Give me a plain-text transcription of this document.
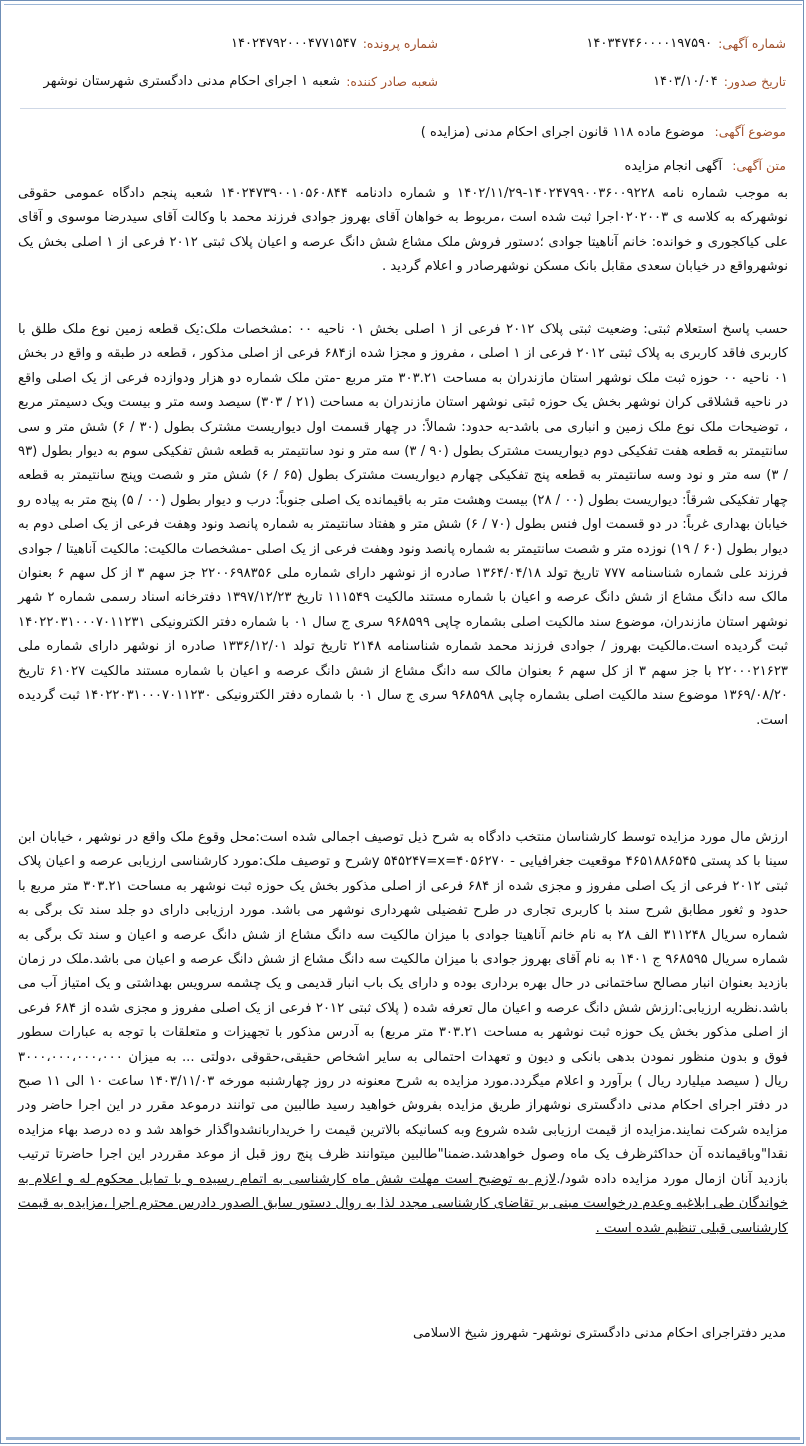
شماره آگهی:
۱۴۰۳۴۷۴۶۰۰۰۰۱۹۷۵۹۰
شماره پرونده:
۱۴۰۲۴۷۹۲۰۰۰۴۷۷۱۵۴۷
تاریخ صدور:
۱۴۰۳/۱۰/۰۴
شعبه صادر کننده:
شعبه ۱ اجرای احکام مدنی دادگستری شهرستان نوشهر
موضوع آگهی: موضوع ماده ۱۱۸ قانون اجرای احکام مدنی (مزایده )
متن آگهی: آگهی انجام مزایده

به موجب شماره نامه ۱۴۰۲۴۷۹۹۰۰۳۶۰۰۹۲۲۸-۱۴۰۲/۱۱/۲۹ و شماره دادنامه ۱۴۰۲۴۷۳۹۰۰۱۰۵۶۰۸۴۴ شعبه پنجم دادگاه عمومی حقوقی نوشهرکه به کلاسه ی ۰۲۰۲۰۰۳اجرا ثبت شده است ،مربوط به خواهان آقای بهروز جوادی فرزند محمد با وکالت آقای سیدرضا موسوی و آقای علی کیاکجوری و خوانده: خانم آناهیتا جوادی ؛دستور فروش ملک مشاع شش دانگ عرصه و اعیان پلاک ثبتی ۲۰۱۲ فرعی از ۱ اصلی بخش یک نوشهرواقع در خیابان سعدی مقابل بانک مسکن نوشهرصادر و اعلام گردید .

حسب پاسخ استعلام ثبتی: وضعیت ثبتی پلاک ۲۰۱۲ فرعی از ۱ اصلی بخش ۰۱ ناحیه ۰۰ :مشخصات ملک:یک قطعه زمین نوع ملک طلق با کاربری فاقد کاربری به پلاک ثبتی ۲۰۱۲ فرعی از ۱ اصلی ، مفروز و مجزا شده از۶۸۴ فرعی از اصلی مذکور ، قطعه در طبقه و واقع در بخش ۰۱ ناحیه ۰۰ حوزه ثبت ملک نوشهر استان مازندران به مساحت ۳۰۳.۲۱ متر مربع -متن ملک شماره دو هزار ودوازده فرعی از یک اصلی واقع در ناحیه قشلاقی کران نوشهر بخش یک حوزه ثبتی نوشهر استان مازندران به مساحت (۲۱ / ۳۰۳) سیصد وسه متر و بیست ویک دسیمتر مربع ، توضیحات ملک نوع ملک زمین و انباری می باشد-به حدود: شمالاً: در چهار قسمت اول دیواریست مشترک بطول (۳۰ / ۶) شش متر و سی سانتیمتر به قطعه هفت تفکیکی دوم دیواریست مشترک بطول (۹۰ / ۳) سه متر و نود سانتیمتر به قطعه شش تفکیکی سوم به دیوار بطول (۹۳ / ۳) سه متر و نود وسه سانتیمتر به قطعه پنج تفکیکی چهارم دیواریست مشترک بطول (۶۵ / ۶) شش متر و شصت وپنج سانتیمتر به قطعه چهار تفکیکی شرقاً: دیواریست بطول (۰۰ / ۲۸) بیست وهشت متر به باقیمانده یک اصلی جنوباً: درب و دیوار بطول (۰۰ / ۵) پنج متر به پیاده رو خیابان بهداری غرباً: در دو قسمت اول فنس بطول (۷۰ / ۶) شش متر و هفتاد سانتیمتر به شماره پانصد ونود وهفت فرعی از یک اصلی دوم به دیوار بطول (۶۰ / ۱۹) نوزده متر و شصت سانتیمتر به شماره پانصد ونود وهفت فرعی از یک اصلی -مشخصات مالکیت: مالکیت آناهیتا / جوادی فرزند علی شماره شناسنامه ۷۷۷ تاریخ تولد ۱۳۶۴/۰۴/۱۸ صادره از نوشهر دارای شماره ملی ۲۲۰۰۶۹۸۳۵۶ جز سهم ۳ از کل سهم ۶ بعنوان مالک سه دانگ مشاع از شش دانگ عرصه و اعیان با شماره مستند مالکیت ۱۱۱۵۴۹ تاریخ ۱۳۹۷/۱۲/۲۳ دفترخانه اسناد رسمی شماره ۲ شهر نوشهر استان مازندران، موضوع سند مالکیت اصلی بشماره چاپی ۹۶۸۵۹۹ سری ج سال ۰۱ با شماره دفتر الکترونیکی ۱۴۰۲۲۰۳۱۰۰۰۷۰۱۱۲۳۱ ثبت گردیده است.مالکیت بهروز / جوادی فرزند محمد شماره شناسنامه ۲۱۴۸ تاریخ تولد ۱۳۳۶/۱۲/۰۱ صادره از نوشهر دارای شماره ملی ۲۲۰۰۰۲۱۶۲۳ با جز سهم ۳ از کل سهم ۶ بعنوان مالک سه دانگ مشاع از شش دانگ عرصه و اعیان با شماره مستند مالکیت ۶۱۰۲۷ تاریخ ۱۳۶۹/۰۸/۲۰ موضوع سند مالکیت اصلی بشماره چاپی ۹۶۸۵۹۸ سری ج سال ۰۱ با شماره دفتر الکترونیکی ۱۴۰۲۲۰۳۱۰۰۰۷۰۱۱۲۳۰ ثبت گردیده است.

ارزش مال مورد مزایده توسط کارشناسان منتخب دادگاه به شرح ذیل توصیف اجمالی شده است:محل وقوع ملک واقع در نوشهر ، خیابان ابن سینا با کد پستی ۴۶۵۱۸۸۶۵۴۵ موقعیت جغرافیایی - ۴۰۵۶۲۷۰=y ۵۴۵۲۴۷=xشرح و توصیف ملک:مورد کارشناسی ارزیابی عرصه و اعیان پلاک ثبتی ۲۰۱۲ فرعی از یک اصلی مفروز و مجزی شده از ۶۸۴ فرعی از اصلی مذکور بخش یک حوزه ثبت نوشهر به مساحت ۳۰۳.۲۱ متر مربع با حدود و ثغور مطابق شرح سند با کاربری تجاری در طرح تفضیلی شهرداری نوشهر می باشد. مورد ارزیابی دارای دو جلد سند تک برگی به شماره سریال ۳۱۱۲۴۸ الف ۲۸ به نام خانم آناهیتا جوادی با میزان مالکیت سه دانگ مشاع از شش دانگ عرصه و اعیان و سند تک برگی به شماره سریال ۹۶۸۵۹۵ ج ۱۴۰۱ به نام آقای بهروز جوادی با میزان مالکیت سه دانگ مشاع از شش دانگ عرصه و اعیان می باشد.ملک در زمان بازدید بعنوان انبار مصالح ساختمانی در حال بهره برداری بوده و دارای یک باب انبار قدیمی و یک چشمه سرویس بهداشتی و یک امتیاز آب می باشد.نظریه ارزیابی:ارزش شش دانگ عرصه و اعیان مال تعرفه شده ( پلاک ثبتی ۲۰۱۲ فرعی از یک اصلی مفروز و مجزی شده از ۶۸۴ فرعی از اصلی مذکور بخش یک حوزه ثبت نوشهر به مساحت ۳۰۳.۲۱ متر مربع) به آدرس مذکور با تجهیزات و متعلقات با توجه به عبارات سطور فوق و بدون منظور نمودن بدهی بانکی و دیون و تعهدات احتمالی به سایر اشخاص حقیقی،حقوقی ،دولتی ... به میزان ۳۰۰۰،۰۰۰،۰۰۰،۰۰۰ ریال ( سیصد میلیارد ریال ) برآورد و اعلام میگردد.مورد مزایده به شرح معنونه در روز چهارشنبه مورخه ۱۴۰۳/۱۱/۰۳ ساعت ۱۰ الی ۱۱ صبح در دفتر اجرای احکام مدنی دادگستری نوشهراز طریق مزایده بفروش خواهید رسید طالبین می توانند درموعد مقرر در این اجرا حاضر ودر مزایده شرکت نمایند.مزایده از قیمت ارزیابی شده شروع وبه کسانیکه بالاترین قیمت را خریداربانشدواگذار خواهد شد و ده درصد بهاء مزایده نقدا"وباقیمانده آن حداکثرظرف یک ماه وصول خواهدشد.ضمنا"طالبین میتوانند ظرف پنج روز قبل از موعد مقرردر این اجرا حاضرتا ترتیب بازدید آنان ازمال مورد مزایده داده شود/.لازم به توضیح است مهلت شش ماه کارشناسی به اتمام رسیده و با تمایل محکوم له و اعلام به خواندگان طی ابلاغیه وعدم درخواست مبنی بر تقاضای کارشناسی مجدد لذا به روال دستور سابق الصدور دادرس محترم اجرا ،مزایده به قیمت کارشناسی قبلی تنظیم شده است .

مدیر دفتراجرای احکام مدنی دادگستری نوشهر- شهروز شیخ الاسلامی
